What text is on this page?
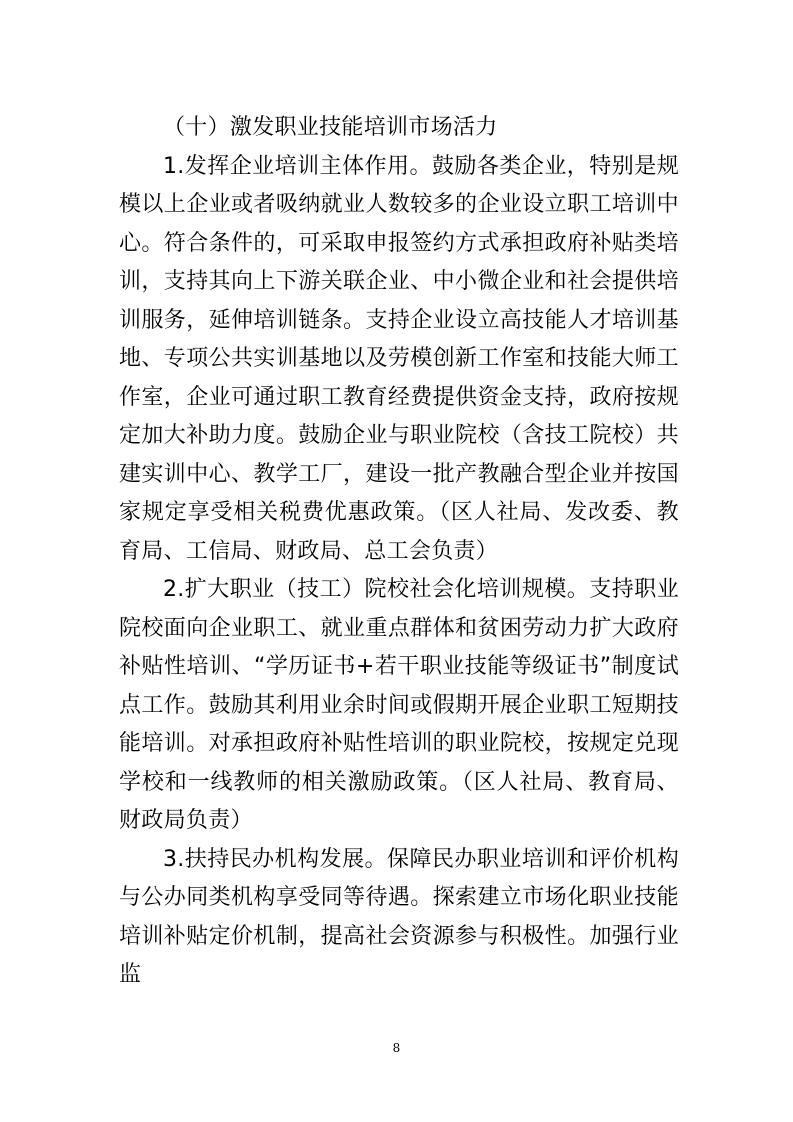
（十）激发职业技能培训市场活力

1.发挥企业培训主体作用。鼓励各类企业，特别是规模以上企业或者吸纳就业人数较多的企业设立职工培训中心。符合条件的，可采取申报签约方式承担政府补贴类培训，支持其向上下游关联企业、中小微企业和社会提供培训服务，延伸培训链条。支持企业设立高技能人才培训基地、专项公共实训基地以及劳模创新工作室和技能大师工作室，企业可通过职工教育经费提供资金支持，政府按规定加大补助力度。鼓励企业与职业院校（含技工院校）共建实训中心、教学工厂，建设一批产教融合型企业并按国家规定享受相关税费优惠政策。（区人社局、发改委、教育局、工信局、财政局、总工会负责）

2.扩大职业（技工）院校社会化培训规模。支持职业院校面向企业职工、就业重点群体和贫困劳动力扩大政府补贴性培训、“学历证书+若干职业技能等级证书”制度试点工作。鼓励其利用业余时间或假期开展企业职工短期技能培训。对承担政府补贴性培训的职业院校，按规定兑现学校和一线教师的相关激励政策。（区人社局、教育局、财政局负责）

3.扶持民办机构发展。保障民办职业培训和评价机构与公办同类机构享受同等待遇。探索建立市场化职业技能培训补贴定价机制，提高社会资源参与积极性。加强行业监

8
